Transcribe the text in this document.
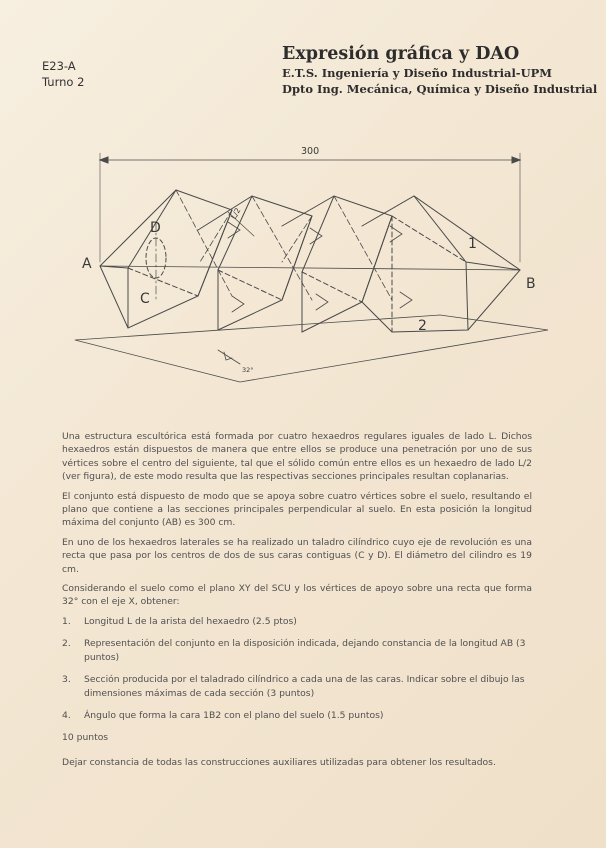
E23-A
Turno 2
Expresión gráfica y DAO
E.T.S. Ingeniería y Diseño Industrial-UPM
Dpto Ing. Mecánica, Química y Diseño Industrial
300
A
B
C
D
1
2
L/2
32°

Una estructura escultórica está formada por cuatro hexaedros regulares iguales de lado L. Dichos hexaedros están dispuestos de manera que entre ellos se produce una penetración por uno de sus vértices sobre el centro del siguiente, tal que el sólido común entre ellos es un hexaedro de lado L/2 (ver figura), de este modo resulta que las respectivas secciones principales resultan coplanarias.

El conjunto está dispuesto de modo que se apoya sobre cuatro vértices sobre el suelo, resultando el plano que contiene a las secciones principales perpendicular al suelo. En esta posición la longitud máxima del conjunto (AB) es 300 cm.

En uno de los hexaedros laterales se ha realizado un taladro cilíndrico cuyo eje de revolución es una recta que pasa por los centros de dos de sus caras contiguas (C y D). El diámetro del cilindro es 19 cm.

Considerando el suelo como el plano XY del SCU y los vértices de apoyo sobre una recta que forma 32° con el eje X, obtener:

1.	Longitud L de la arista del hexaedro (2.5 ptos)
2.	Representación del conjunto en la disposición indicada, dejando constancia de la longitud AB (3 puntos)
3.	Sección producida por el taladrado cilíndrico a cada una de las caras. Indicar sobre el dibujo las dimensiones máximas de cada sección (3 puntos)
4.	Ángulo que forma la cara 1B2 con el plano del suelo (1.5 puntos)

10 puntos

Dejar constancia de todas las construcciones auxiliares utilizadas para obtener los resultados.
